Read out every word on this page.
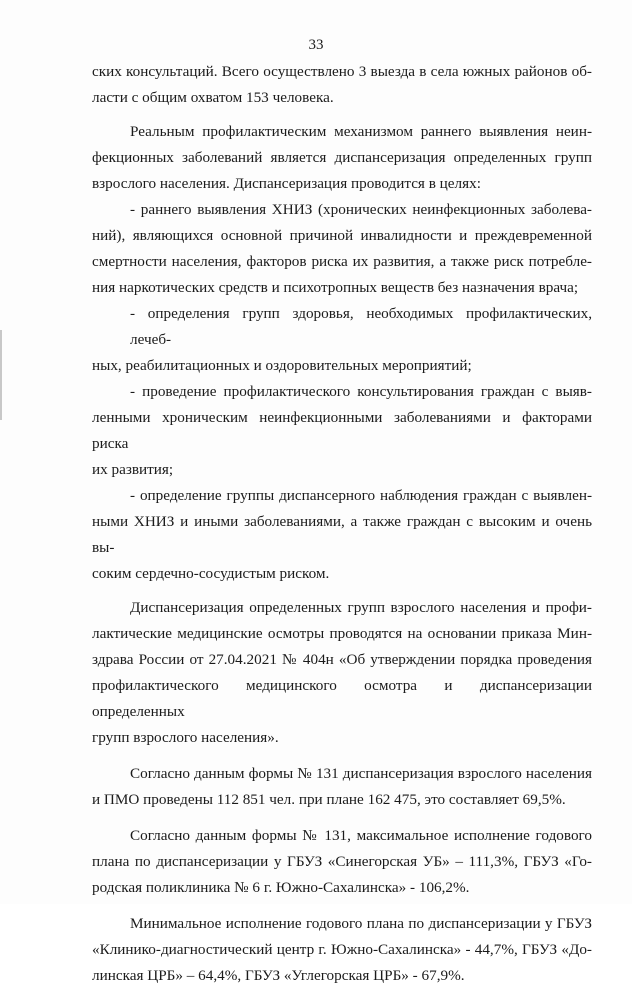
33

ских консультаций. Всего осуществлено 3 выезда в села южных районов об-

ласти с общим охватом 153 человека.

Реальным профилактическим механизмом раннего выявления неин-

фекционных заболеваний является диспансеризация определенных групп

взрослого населения. Диспансеризация проводится в целях:

- раннего выявления ХНИЗ (хронических неинфекционных заболева-

ний), являющихся основной причиной инвалидности и преждевременной

смертности населения, факторов риска их развития, а также риск потребле-

ния наркотических средств и психотропных веществ без назначения врача;

- определения групп здоровья, необходимых профилактических, лечеб-

ных, реабилитационных и оздоровительных мероприятий;

- проведение профилактического консультирования граждан с выяв-

ленными хроническим неинфекционными заболеваниями и факторами риска

их развития;

- определение группы диспансерного наблюдения граждан с выявлен-

ными ХНИЗ и иными заболеваниями, а также граждан с высоким и очень вы-

соким сердечно-сосудистым риском.

Диспансеризация определенных групп взрослого населения и профи-

лактические медицинские осмотры проводятся на основании приказа Мин-

здрава России от 27.04.2021 № 404н «Об утверждении порядка проведения

профилактического медицинского осмотра и диспансеризации определенных

групп взрослого населения».

Согласно данным формы № 131 диспансеризация взрослого населения

и ПМО проведены 112 851 чел. при плане 162 475, это составляет 69,5%.

Согласно данным формы № 131, максимальное исполнение годового

плана по диспансеризации у ГБУЗ «Синегорская УБ» – 111,3%, ГБУЗ «Го-

родская поликлиника № 6 г. Южно-Сахалинска» - 106,2%.

Минимальное исполнение годового плана по диспансеризации у ГБУЗ

«Клинико-диагностический центр г. Южно-Сахалинска» - 44,7%, ГБУЗ «До-

линская ЦРБ» – 64,4%, ГБУЗ «Углегорская ЦРБ» - 67,9%.
